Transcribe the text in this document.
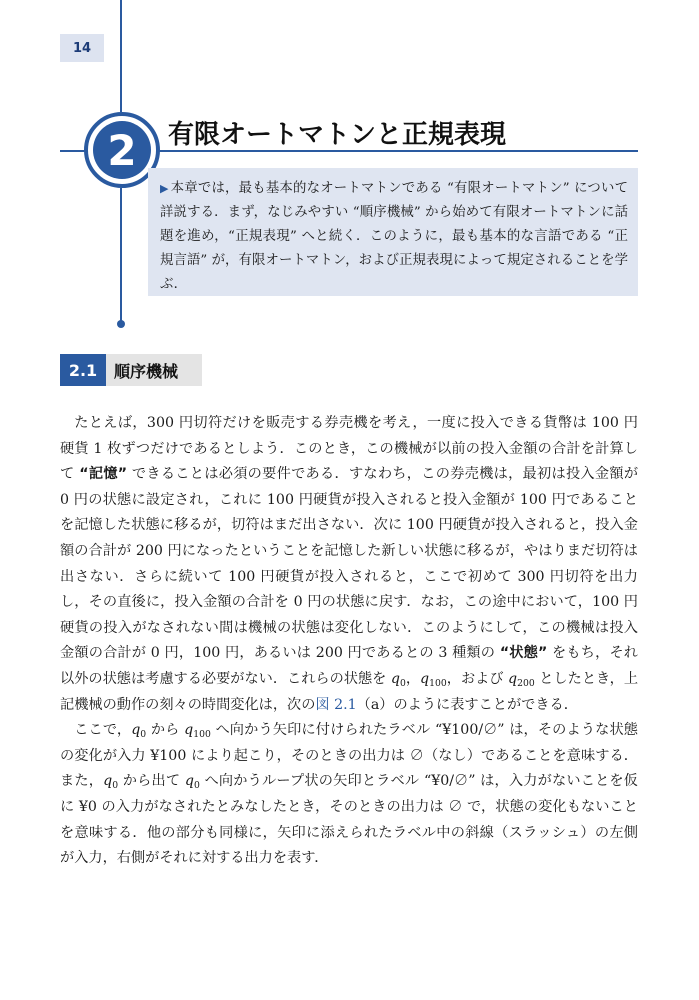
14
2	有限オートマトンと正規表現
▶ 本章では，最も基本的なオートマトンである “有限オートマトン” について詳説する．まず，なじみやすい “順序機械” から始めて有限オートマトンに話題を進め，“正規表現” へと続く．このように，最も基本的な言語である “正規言語” が，有限オートマトン，および正規表現によって規定されることを学ぶ．
2.1	順序機械

たとえば，300 円切符だけを販売する券売機を考え，一度に投入できる貨幣は 100 円硬貨 1 枚ずつだけであるとしよう．このとき，この機械が以前の投入金額の合計を計算して “記憶” できることは必須の要件である．すなわち，この券売機は，最初は投入金額が 0 円の状態に設定され，これに 100 円硬貨が投入されると投入金額が 100 円であることを記憶した状態に移るが，切符はまだ出さない．次に 100 円硬貨が投入されると，投入金額の合計が 200 円になったということを記憶した新しい状態に移るが，やはりまだ切符は出さない．さらに続いて 100 円硬貨が投入されると，ここで初めて 300 円切符を出力し，その直後に，投入金額の合計を 0 円の状態に戻す．なお，この途中において，100 円硬貨の投入がなされない間は機械の状態は変化しない．このようにして，この機械は投入金額の合計が 0 円，100 円，あるいは 200 円であるとの 3 種類の “状態” をもち，それ以外の状態は考慮する必要がない．これらの状態を $q_0$，$q_{100}$，および $q_{200}$ としたとき，上記機械の動作の刻々の時間変化は，次の図 2.1（a）のように表すことができる．

ここで，$q_0$ から $q_{100}$ へ向かう矢印に付けられたラベル “¥100/∅” は，そのような状態の変化が入力 ¥100 により起こり，そのときの出力は ∅（なし）であることを意味する．また，$q_0$ から出て $q_0$ へ向かうループ状の矢印とラベル “¥0/∅” は，入力がないことを仮に ¥0 の入力がなされたとみなしたとき，そのときの出力は ∅ で，状態の変化もないことを意味する．他の部分も同様に，矢印に添えられたラベル中の斜線（スラッシュ）の左側が入力，右側がそれに対する出力を表す．
